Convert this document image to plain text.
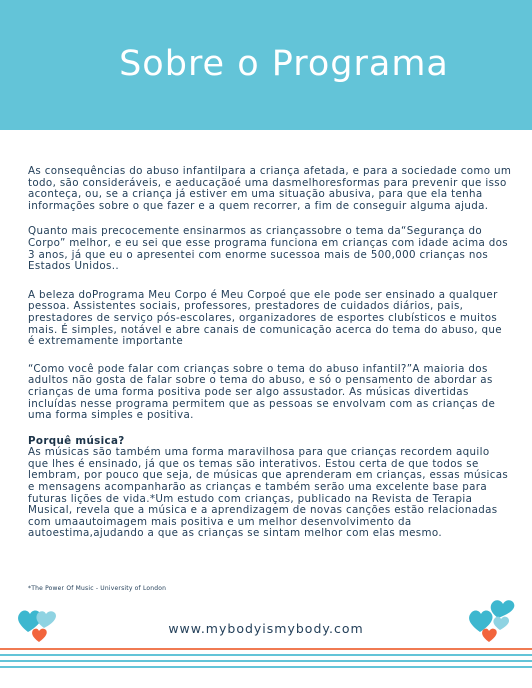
Sobre o Programa

As consequências do abuso infantilpara a criança afetada, e para a sociedade como um todo, são consideráveis, e aeducaçãoé uma dasmelhoresformas para prevenir que isso aconteça, ou, se a criança já estiver em uma situação abusiva, para que ela tenha informações sobre o que fazer e a quem recorrer, a fim de conseguir alguma ajuda.

Quanto mais precocemente ensinarmos as criançassobre o tema da“Segurança do Corpo” melhor, e eu sei que esse programa funciona em crianças com idade acima dos 3 anos, já que eu o apresentei com enorme sucessoa mais de 500,000 crianças nos Estados Unidos..

A beleza doPrograma Meu Corpo é Meu Corpoé que ele pode ser ensinado a qualquer pessoa. Assistentes sociais, professores, prestadores de cuidados diários, pais, prestadores de serviço pós-escolares, organizadores de esportes clubísticos e muitos mais. É simples, notável e abre canais de comunicação acerca do tema do abuso, que é extremamente importante

“Como você pode falar com crianças sobre o tema do abuso infantil?”A maioria dos adultos não gosta de falar sobre o tema do abuso, e só o pensamento de abordar as crianças de uma forma positiva pode ser algo assustador. As músicas divertidas incluídas nesse programa permitem que as pessoas se envolvam com as crianças de uma forma simples e positiva.

Porquê música?
As músicas são também uma forma maravilhosa para que crianças recordem aquilo que lhes é ensinado, já que os temas são interativos. Estou certa de que todos se lembram, por pouco que seja, de músicas que aprenderam em crianças, essas músicas e mensagens acompanharão as crianças e também serão uma excelente base para futuras lições de vida.*Um estudo com crianças, publicado na Revista de Terapia Musical, revela que a música e a aprendizagem de novas canções estão relacionadas com umaautoimagem mais positiva e um melhor desenvolvimento da autoestima,ajudando a que as crianças se sintam melhor com elas mesmo.

*The Power Of Music - University of London
www.mybodyismybody.com
